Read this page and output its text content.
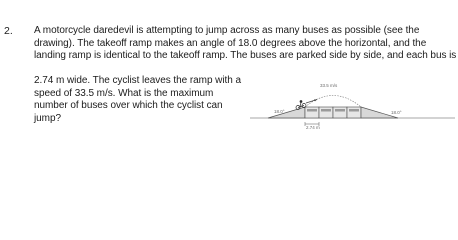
2. A motorcycle daredevil is attempting to jump across as many buses as possible (see the
drawing). The takeoff ramp makes an angle of 18.0 degrees above the horizontal, and the
landing ramp is identical to the takeoff ramp. The buses are parked side by side, and each bus is
2.74 m wide. The cyclist leaves the ramp with a
speed of 33.5 m/s. What is the maximum
number of buses over which the cyclist can
jump?
33.5 m/s
18.0°	18.0°
2.74 m
